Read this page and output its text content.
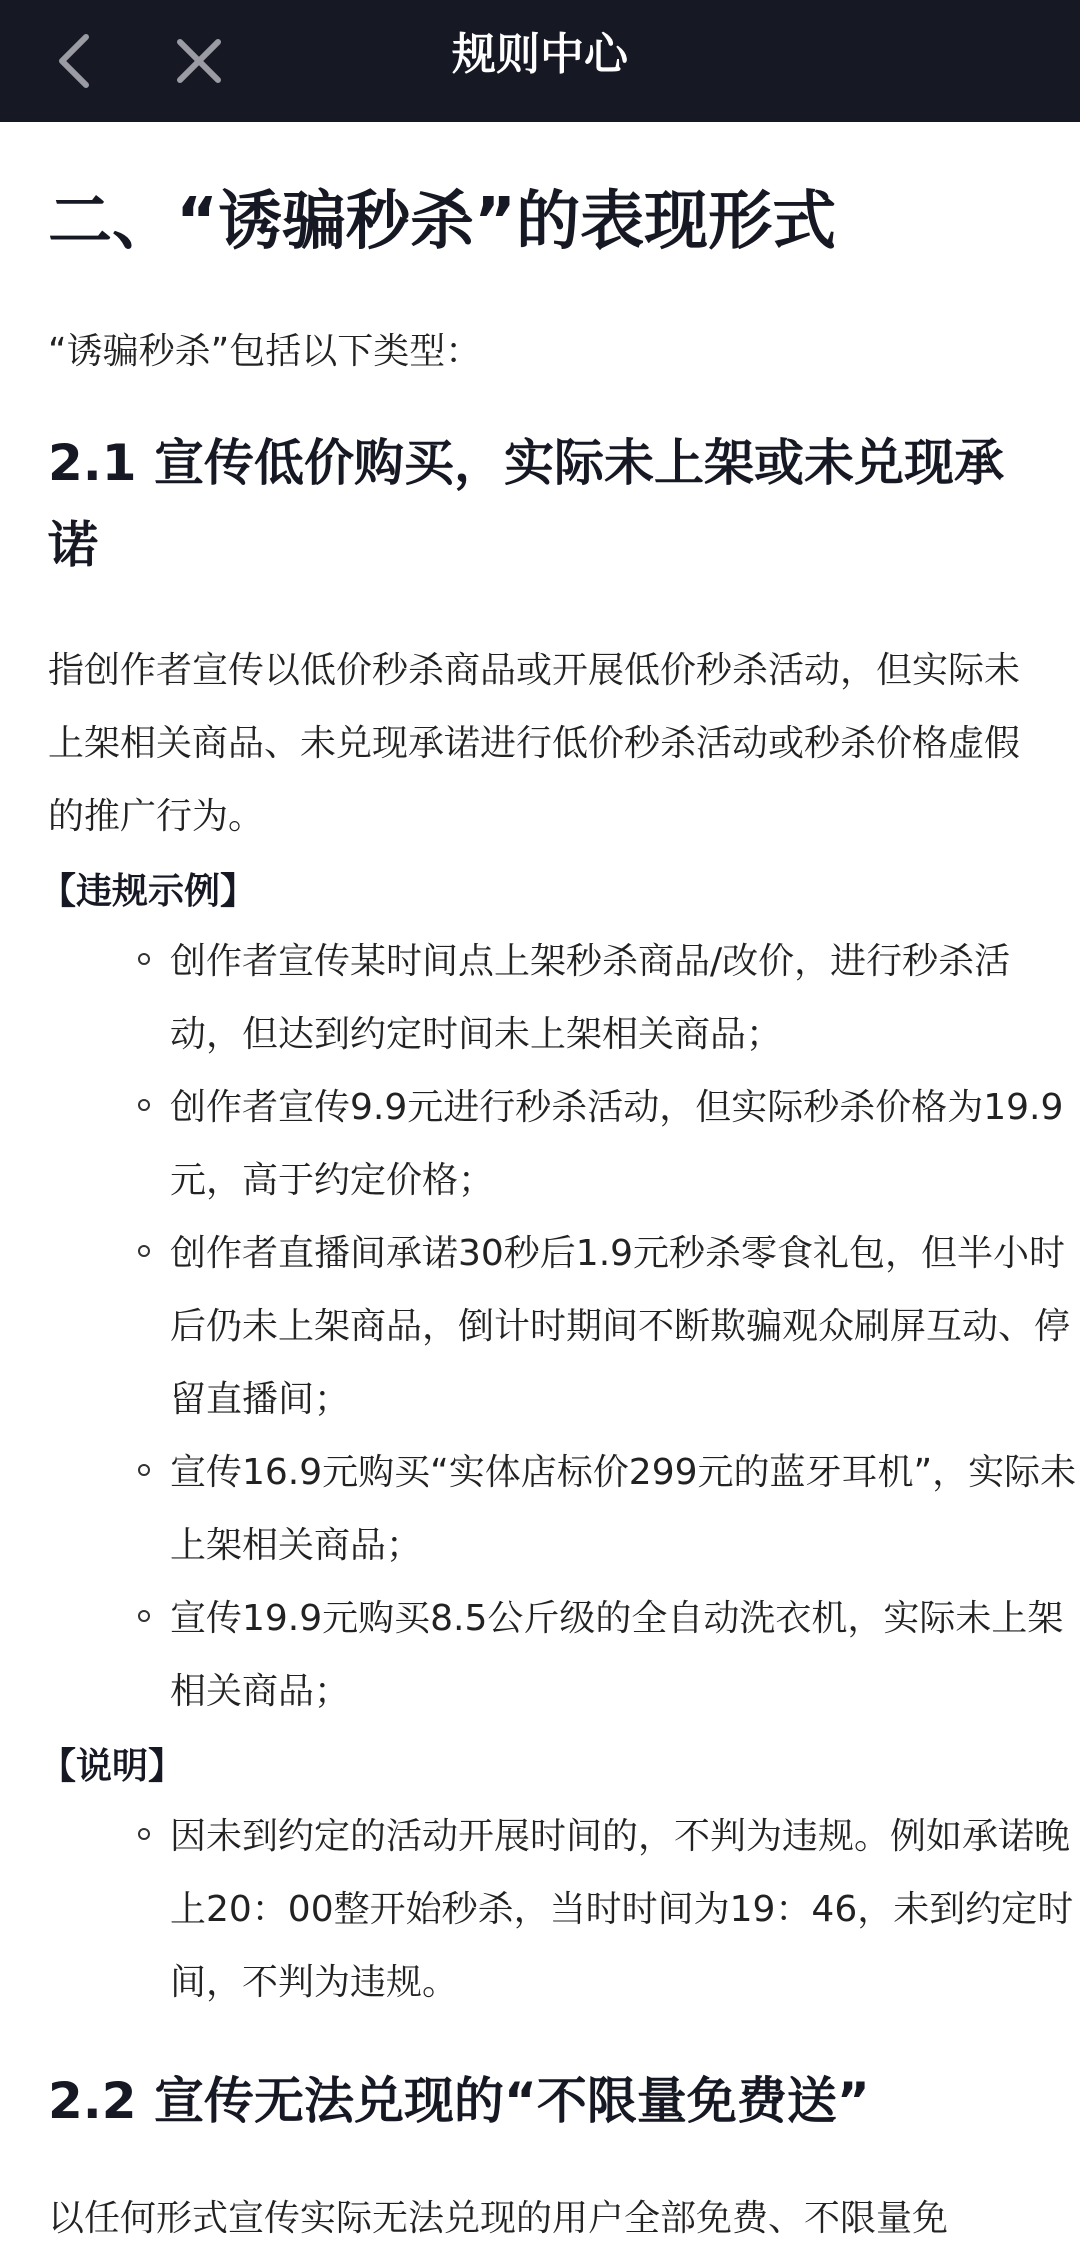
规则中心
二、“诱骗秒杀”的表现形式
“诱骗秒杀”包括以下类型：
2.1 宣传低价购买，实际未上架或未兑现承诺
指创作者宣传以低价秒杀商品或开展低价秒杀活动，但实际未上架相关商品、未兑现承诺进行低价秒杀活动或秒杀价格虚假的推广行为。
【违规示例】
创作者宣传某时间点上架秒杀商品/改价，进行秒杀活动，但达到约定时间未上架相关商品；
创作者宣传9.9元进行秒杀活动，但实际秒杀价格为19.9元，高于约定价格；
创作者直播间承诺30秒后1.9元秒杀零食礼包，但半小时后仍未上架商品，倒计时期间不断欺骗观众刷屏互动、停留直播间；
宣传16.9元购买“实体店标价299元的蓝牙耳机”，实际未上架相关商品；
宣传19.9元购买8.5公斤级的全自动洗衣机，实际未上架相关商品；
【说明】
因未到约定的活动开展时间的，不判为违规。例如承诺晚上20：00整开始秒杀，当时时间为19：46，未到约定时间，不判为违规。
2.2 宣传无法兑现的“不限量免费送”
以任何形式宣传实际无法兑现的用户全部免费、不限量免
